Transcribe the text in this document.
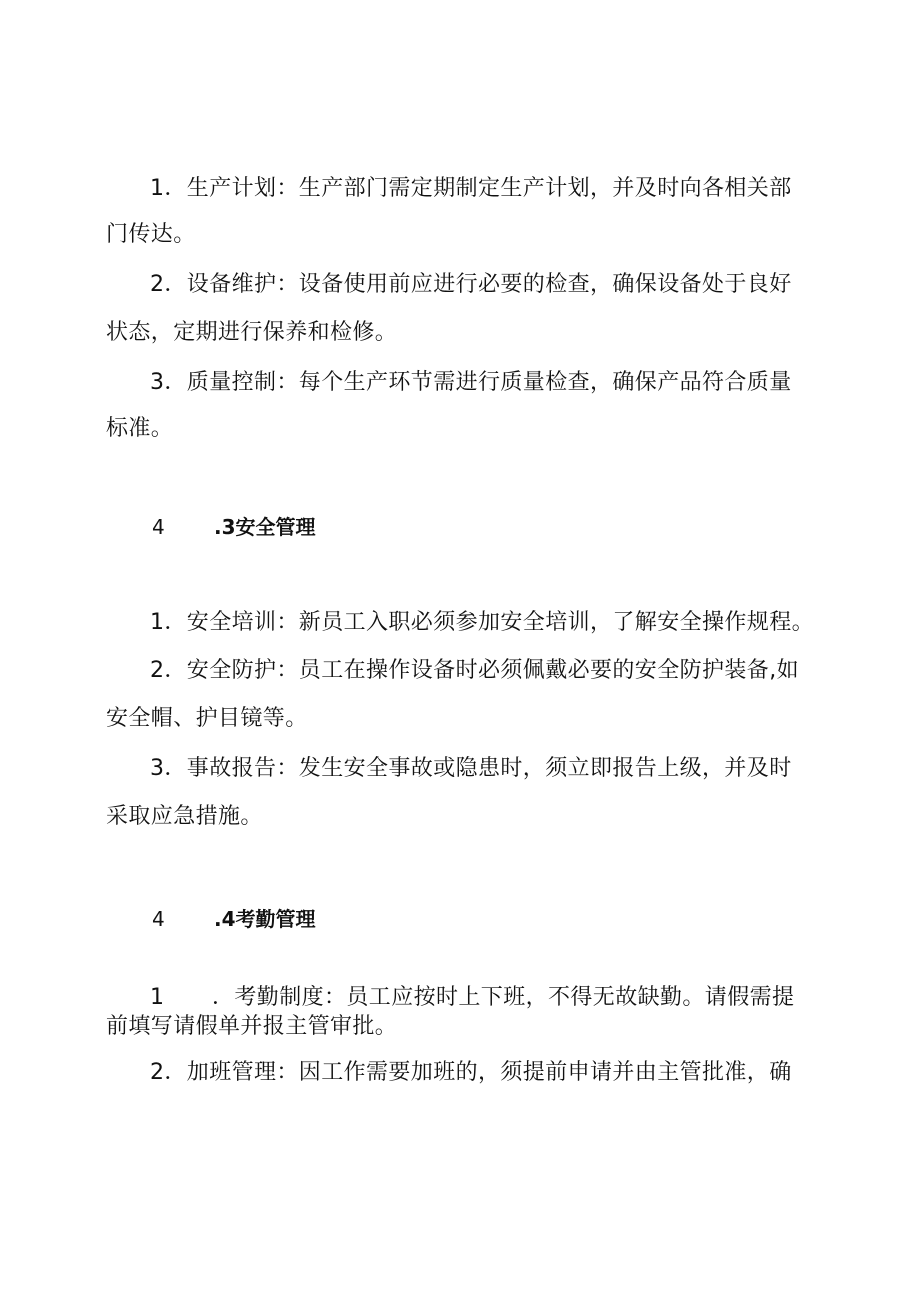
1．生产计划：生产部门需定期制定生产计划，并及时向各相关部
门传达。
2．设备维护：设备使用前应进行必要的检查，确保设备处于良好
状态，定期进行保养和检修。
3．质量控制：每个生产环节需进行质量检查，确保产品符合质量
标准。
4 .3安全管理
1．安全培训：新员工入职必须参加安全培训，了解安全操作规程。
2．安全防护：员工在操作设备时必须佩戴必要的安全防护装备,如
安全帽、护目镜等。
3．事故报告：发生安全事故或隐患时，须立即报告上级，并及时
采取应急措施。
4 .4考勤管理
1 ．考勤制度：员工应按时上下班，不得无故缺勤。请假需提
前填写请假单并报主管审批。
2．加班管理：因工作需要加班的，须提前申请并由主管批准，确
